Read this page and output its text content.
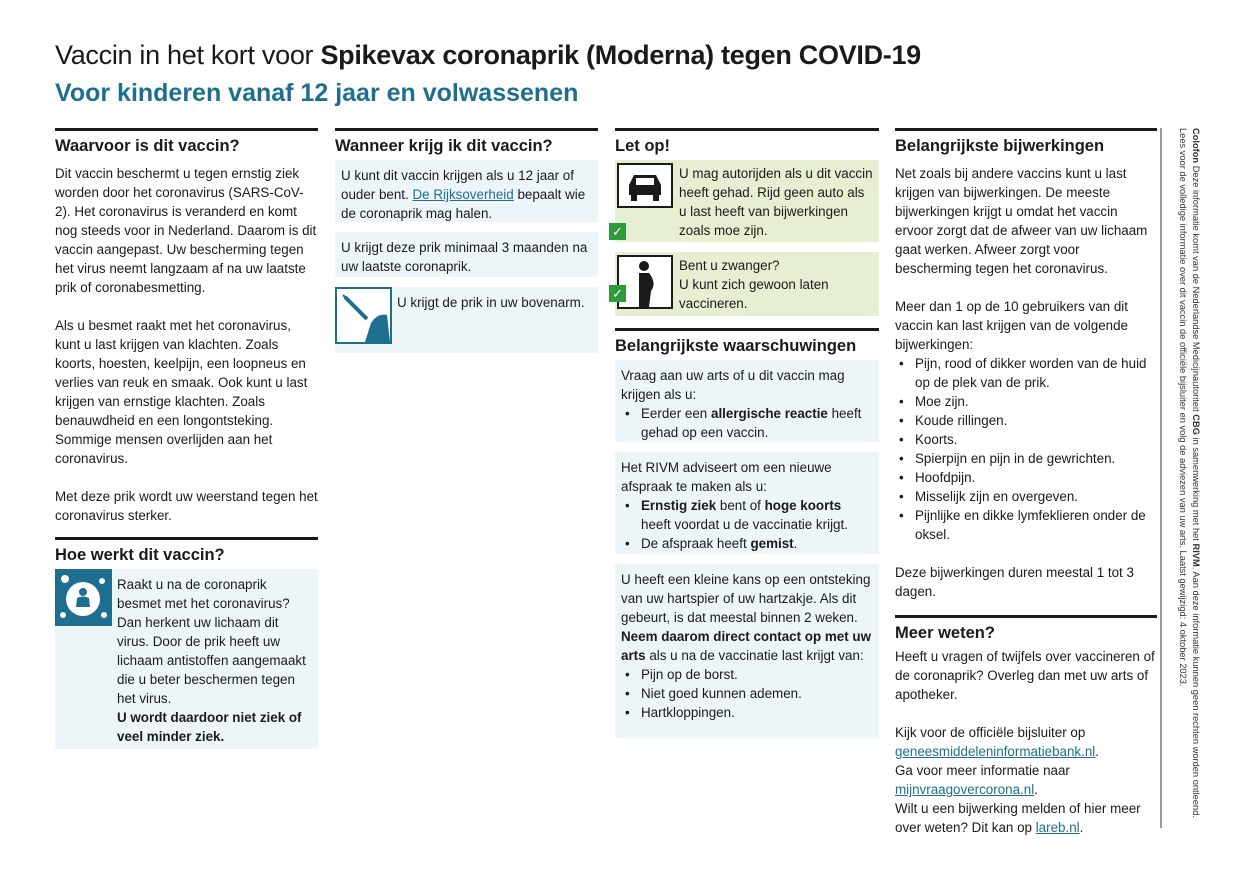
Vaccin in het kort voor Spikevax coronaprik (Moderna) tegen COVID-19
Voor kinderen vanaf 12 jaar en volwassenen
Waarvoor is dit vaccin?

Dit vaccin beschermt u tegen ernstig ziek worden door het coronavirus (SARS-CoV-2). Het coronavirus is veranderd en komt nog steeds voor in Nederland. Daarom is dit vaccin aangepast. Uw bescherming tegen het virus neemt langzaam af na uw laatste prik of coronabesmetting.

Als u besmet raakt met het coronavirus, kunt u last krijgen van klachten. Zoals koorts, hoesten, keelpijn, een loopneus en verlies van reuk en smaak. Ook kunt u last krijgen van ernstige klachten. Zoals benauwdheid en een longontsteking. Sommige mensen overlijden aan het coronavirus.

Met deze prik wordt uw weerstand tegen het coronavirus sterker.

Hoe werkt dit vaccin?

Raakt u na de coronaprik besmet met het coronavirus? Dan herkent uw lichaam dit virus. Door de prik heeft uw lichaam antistoffen aangemaakt die u beter beschermen tegen het virus.

U wordt daardoor niet ziek of veel minder ziek.

Wanneer krijg ik dit vaccin?

U kunt dit vaccin krijgen als u 12 jaar of ouder bent. De Rijksoverheid bepaalt wie de coronaprik mag halen.

U krijgt deze prik minimaal 3 maanden na uw laatste coronaprik.

U krijgt de prik in uw bovenarm.

Let op!
✓

U mag autorijden als u dit vaccin heeft gehad. Rijd geen auto als u last heeft van bijwerkingen zoals moe zijn.

✓

Bent u zwanger?

U kunt zich gewoon laten vaccineren.

Belangrijkste waarschuwingen

Vraag aan uw arts of u dit vaccin mag krijgen als u:

• Eerder een allergische reactie heeft gehad op een vaccin.

Het RIVM adviseert om een nieuwe afspraak te maken als u:

• Ernstig ziek bent of hoge koorts heeft voordat u de vaccinatie krijgt.
• De afspraak heeft gemist.

U heeft een kleine kans op een ontsteking van uw hartspier of uw hartzakje. Als dit gebeurt, is dat meestal binnen 2 weken. Neem daarom direct contact op met uw arts als u na de vaccinatie last krijgt van:

• Pijn op de borst.
• Niet goed kunnen ademen.
• Hartkloppingen.
Belangrijkste bijwerkingen

Net zoals bij andere vaccins kunt u last krijgen van bijwerkingen. De meeste bijwerkingen krijgt u omdat het vaccin ervoor zorgt dat de afweer van uw lichaam gaat werken. Afweer zorgt voor bescherming tegen het coronavirus.

Meer dan 1 op de 10 gebruikers van dit vaccin kan last krijgen van de volgende bijwerkingen:

• Pijn, rood of dikker worden van de huid op de plek van de prik.
• Moe zijn.
• Koude rillingen.
• Koorts.
• Spierpijn en pijn in de gewrichten.
• Hoofdpijn.
• Misselijk zijn en overgeven.
• Pijnlijke en dikke lymfeklieren onder de oksel.

Deze bijwerkingen duren meestal 1 tot 3 dagen.

Meer weten?

Heeft u vragen of twijfels over vaccineren of de coronaprik? Overleg dan met uw arts of apotheker.

Kijk voor de officiële bijsluiter op geneesmiddeleninformatiebank.nl.

Ga voor meer informatie naar mijnvraagovercorona.nl.

Wilt u een bijwerking melden of hier meer over weten? Dit kan op lareb.nl.

Colofon Deze informatie komt van de Nederlandse Medicijnautoriteit CBG in samenwerking met het RIVM. Aan deze informatie kunnen geen rechten worden ontleend. Lees voor de volledige informatie over dit vaccin de officiële bijsluiter en volg de adviezen van uw arts. Laatst gewijzigd: 4 oktober 2023.
